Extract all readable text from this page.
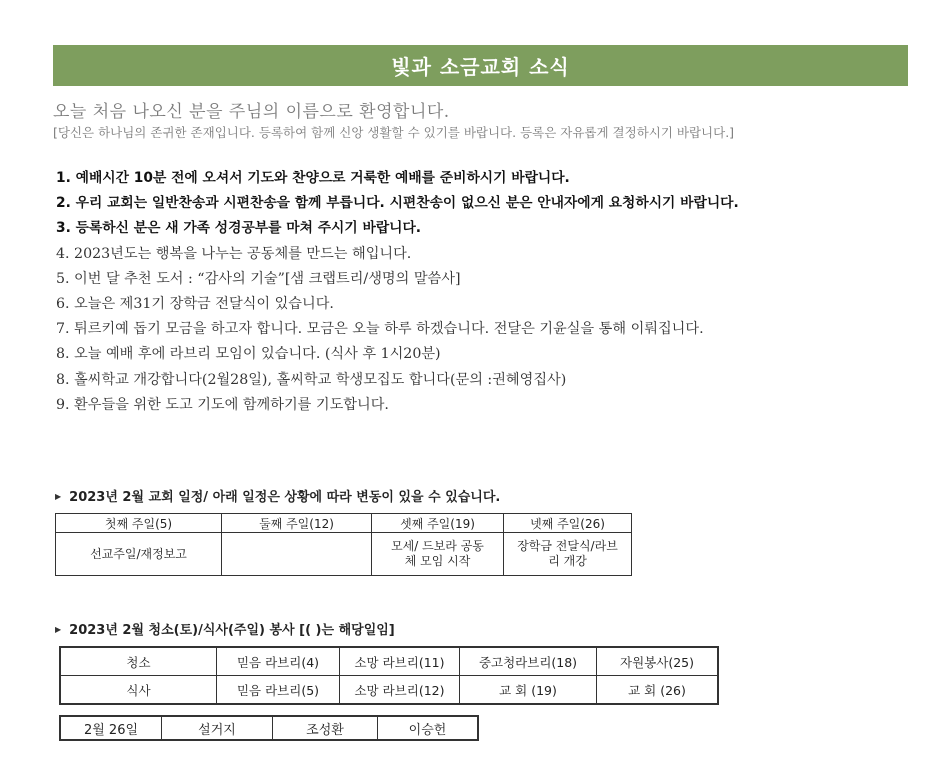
빛과 소금교회 소식
오늘 처음 나오신 분을 주님의 이름으로 환영합니다.
[당신은 하나님의 존귀한 존재입니다. 등록하여 함께 신앙 생활할 수 있기를 바랍니다. 등록은 자유롭게 결정하시기 바랍니다.]
1. 예배시간 10분 전에 오셔서 기도와 찬양으로 거룩한 예배를 준비하시기 바랍니다.
2. 우리 교회는 일반찬송과 시편찬송을 함께 부릅니다. 시편찬송이 없으신 분은 안내자에게 요청하시기 바랍니다.
3. 등록하신 분은 새 가족 성경공부를 마쳐 주시기 바랍니다.
4. 2023년도는 행복을 나누는 공동체를 만드는 해입니다.
5. 이번 달 추천 도서 : “감사의 기술”[샘 크랩트리/생명의 말씀사]
6. 오늘은 제31기 장학금 전달식이 있습니다.
7. 튀르키예 돕기 모금을 하고자 합니다. 모금은 오늘 하루 하겠습니다. 전달은 기윤실을 통해 이뤄집니다.
8. 오늘 예배 후에 라브리 모임이 있습니다. (식사 후 1시20분)
8. 홀씨학교 개강합니다(2월28일), 홀씨학교 학생모집도 합니다(문의 :권혜영집사)
9. 환우들을 위한 도고 기도에 함께하기를 기도합니다.
▶ 2023년 2월 교회 일정/ 아래 일정은 상황에 따라 변동이 있을 수 있습니다.
첫째 주일(5)	둘째 주일(12)	셋째 주일(19)	넷째 주일(26)
선교주일/재정보고		모세/ 드보라 공동체 모임 시작	장학금 전달식/라브리 개강
▶ 2023년 2월 청소(토)/식사(주일) 봉사 [( )는 해당일임]
청소	믿음 라브리(4)	소망 라브리(11)	중고청라브리(18)	자원봉사(25)
식사	믿음 라브리(5)	소망 라브리(12)	교 회 (19)	교 회 (26)
2월 26일	설거지	조성환	이승헌
